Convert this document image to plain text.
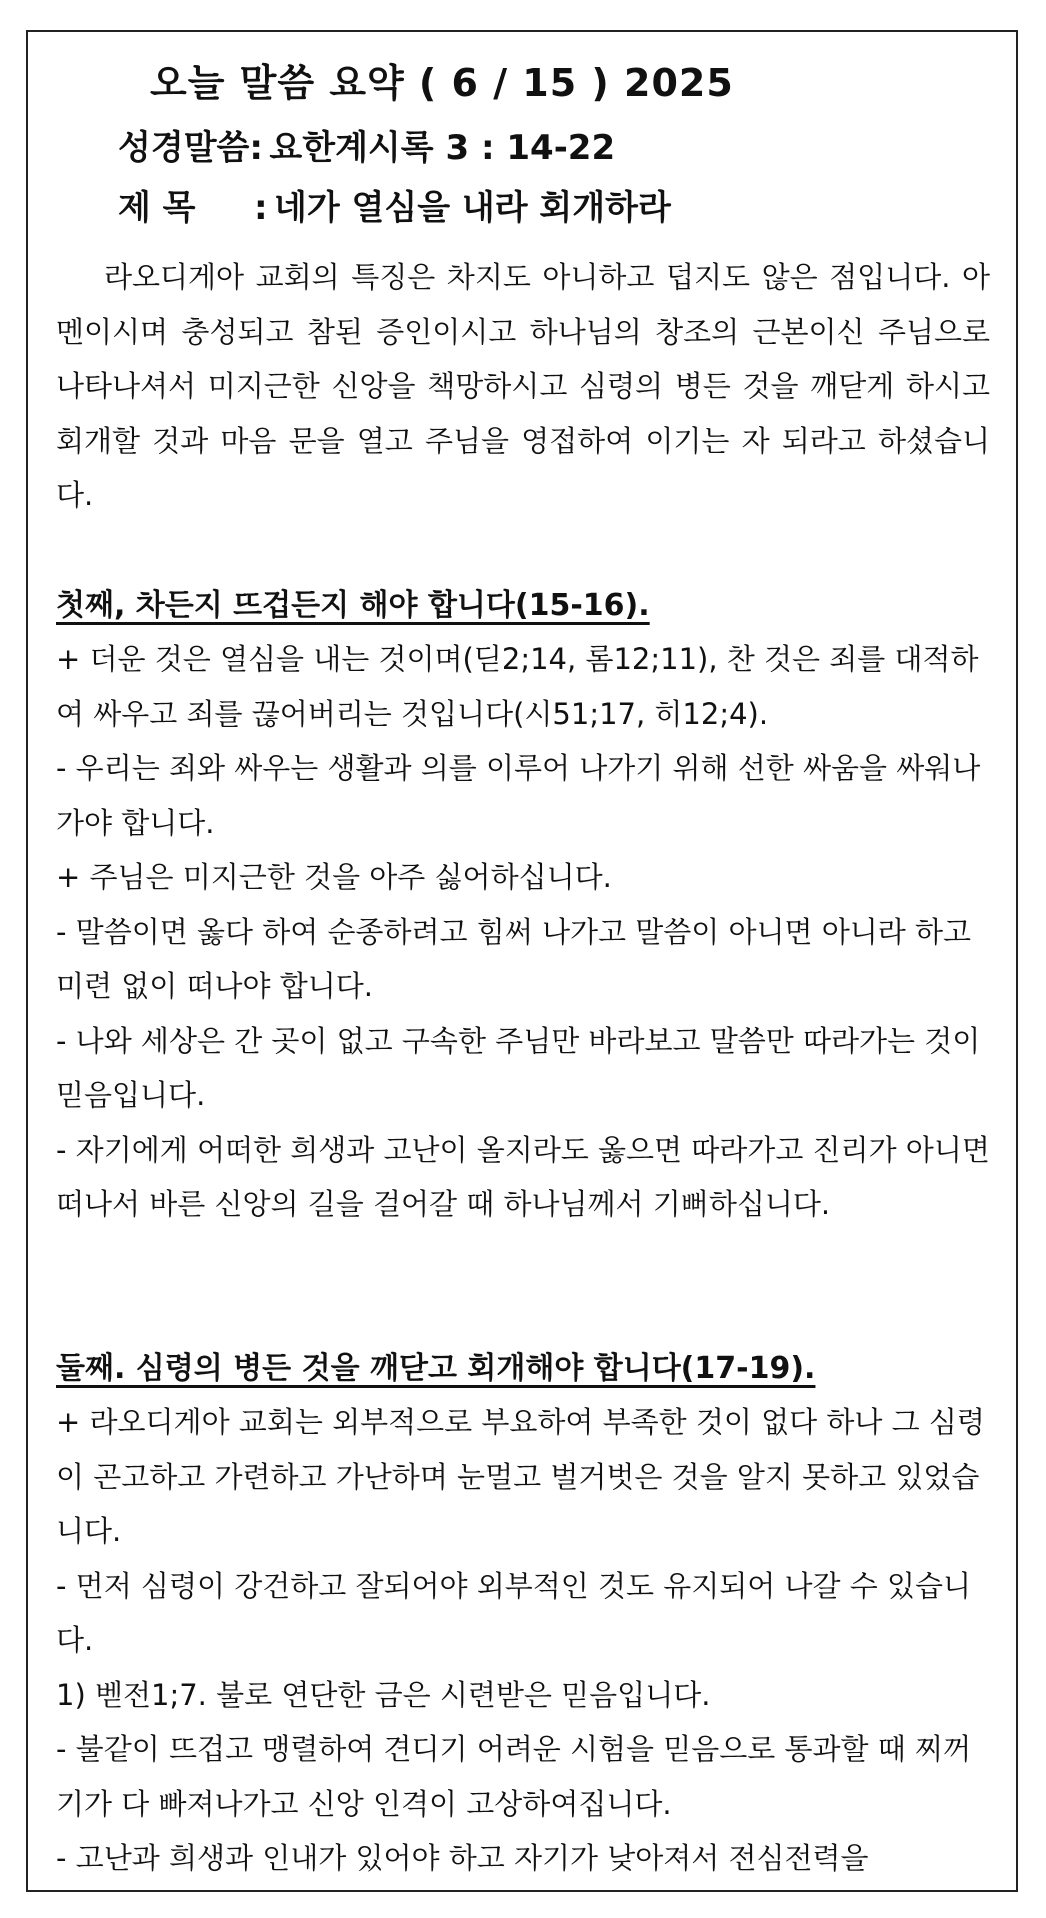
오늘 말씀 요약 ( 6 / 15 ) 2025
성경말씀: 요한계시록 3 : 14-22
제 목 : 네가 열심을 내라 회개하라
라오디게아 교회의 특징은 차지도 아니하고 덥지도 않은 점입니다. 아멘이시며 충성되고 참된 증인이시고 하나님의 창조의 근본이신 주님으로 나타나셔서 미지근한 신앙을 책망하시고 심령의 병든 것을 깨닫게 하시고 회개할 것과 마음 문을 열고 주님을 영접하여 이기는 자 되라고 하셨습니다.
첫째, 차든지 뜨겁든지 해야 합니다(15-16).
+ 더운 것은 열심을 내는 것이며(딛2;14, 롬12;11), 찬 것은 죄를 대적하여 싸우고 죄를 끊어버리는 것입니다(시51;17, 히12;4).
- 우리는 죄와 싸우는 생활과 의를 이루어 나가기 위해 선한 싸움을 싸워나가야 합니다.
+ 주님은 미지근한 것을 아주 싫어하십니다.
- 말씀이면 옳다 하여 순종하려고 힘써 나가고 말씀이 아니면 아니라 하고 미련 없이 떠나야 합니다.
- 나와 세상은 간 곳이 없고 구속한 주님만 바라보고 말씀만 따라가는 것이 믿음입니다.
- 자기에게 어떠한 희생과 고난이 올지라도 옳으면 따라가고 진리가 아니면 떠나서 바른 신앙의 길을 걸어갈 때 하나님께서 기뻐하십니다.
둘째. 심령의 병든 것을 깨닫고 회개해야 합니다(17-19).
+ 라오디게아 교회는 외부적으로 부요하여 부족한 것이 없다 하나 그 심령이 곤고하고 가련하고 가난하며 눈멀고 벌거벗은 것을 알지 못하고 있었습니다.
- 먼저 심령이 강건하고 잘되어야 외부적인 것도 유지되어 나갈 수 있습니다.
1) 벧전1;7. 불로 연단한 금은 시련받은 믿음입니다.
- 불같이 뜨겁고 맹렬하여 견디기 어려운 시험을 믿음으로 통과할 때 찌꺼기가 다 빠져나가고 신앙 인격이 고상하여집니다.
- 고난과 희생과 인내가 있어야 하고 자기가 낮아져서 전심전력을
